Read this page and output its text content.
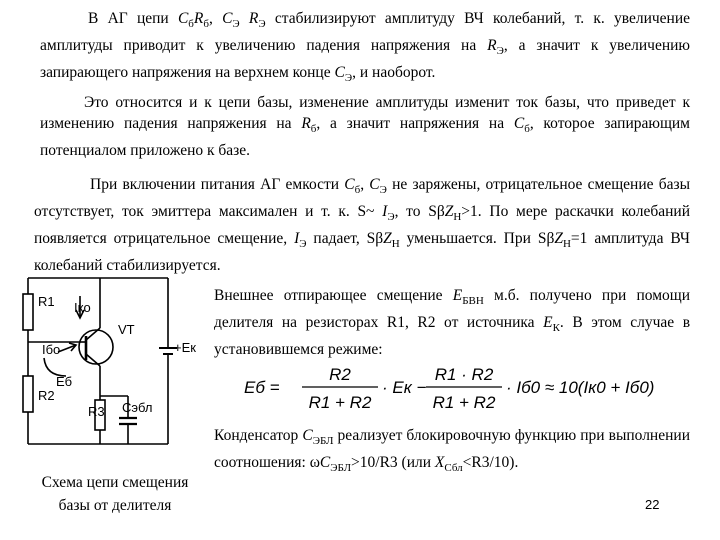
В АГ цепи $C_бR_б$, $C_Э$ $R_Э$ стабилизируют амплитуду ВЧ колебаний, т. к. увеличение амплитуды приводит к увеличению падения напряжения на $R_Э$, а значит к увеличению запирающего напряжения на верхнем конце $C_Э$, и наоборот.
Это относится и к цепи базы, изменение амплитуды изменит ток базы, что приведет к изменению падения напряжения на $R_б$, а значит напряжения на $C_б$, которое запирающим потенциалом приложено к базе.
При включении питания АГ емкости $C_б$, $C_Э$ не заряжены, отрицательное смещение базы отсутствует, ток эмиттера максимален и т. к. S~ $I_Э$, то SβZ$_Н$>1. По мере раскачки колебаний появляется отрицательное смещение, $I_Э$ падает, SβZ$_Н$ уменьшается. При SβZ$_Н$=1 амплитуда ВЧ колебаний стабилизируется.
R1 Iко
VT
Iбо	+Eк
Eб
R2
R3 Cэбл
Схема цепи смещения базы от делителя
Внешнее отпирающее смещение $E_{БВН}$ м.б. получено при помощи делителя на резисторах R1, R2 от источника $E_К$. В этом случае в установившемся режиме:
Eб =
R2
R1 + R2
· Eк −
R1 · R2
R1 + R2
· Iб0 ≈ 10(Iк0 + Iб0)
Конденсатор $C_{ЭБЛ}$ реализует блокировочную функцию при выполнении соотношения: $\omega C_{ЭБЛ}>10/R3$ (или $X_{Сбл}<R3/10$).
22
